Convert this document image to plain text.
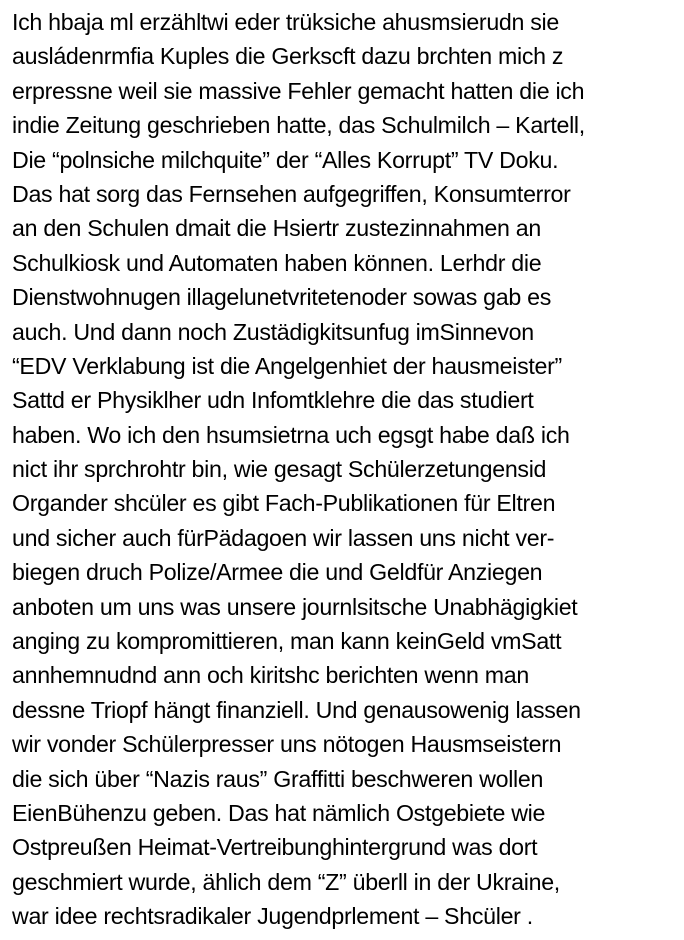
Ich hbaja ml erzähltwi eder trüksiche ahusmsierudn sie
ausládenrmfia Kuples die Gerkscft dazu brchten mich z
erpressne weil sie massive Fehler gemacht hatten die ich
indie Zeitung geschrieben hatte, das Schulmilch – Kartell,
Die “polnsiche milchquite” der “Alles Korrupt” TV Doku.
Das hat sorg das Fernsehen aufgegriffen, Konsumterror
an den Schulen dmait die Hsiertr zustezinnahmen an
Schulkiosk und Automaten haben können. Lerhdr die
Dienstwohnugen illagelunetvritetenoder sowas gab es
auch. Und dann noch Zustädigkitsunfug imSinnevon
“EDV Verklabung ist die Angelgenhiet der hausmeister”
Sattd er Physiklher udn Infomtklehre die das studiert
haben. Wo ich den hsumsietrna uch egsgt habe daß ich
nict ihr sprchrohtr bin, wie gesagt Schülerzetungensid
Organder shcüler es gibt Fach-Publikationen für Eltren
und sicher auch fürPädagoen wir lassen uns nicht ver-
biegen druch Polize/Armee die und Geldfür Anziegen
anboten um uns was unsere journlsitsche Unabhägigkiet
anging zu kompromittieren, man kann keinGeld vmSatt
annhemnudnd ann och kiritshc berichten wenn man
dessne Triopf hängt finanziell. Und genausowenig lassen
wir vonder Schülerpresser uns nötogen Hausmseistern
die sich über “Nazis raus” Graffitti beschweren wollen
EienBühenzu geben. Das hat nämlich Ostgebiete wie
Ostpreußen Heimat-Vertreibunghintergrund was dort
geschmiert wurde, ählich dem “Z” überll in der Ukraine,
war idee rechtsradikaler Jugendprlement – Shcüler .
